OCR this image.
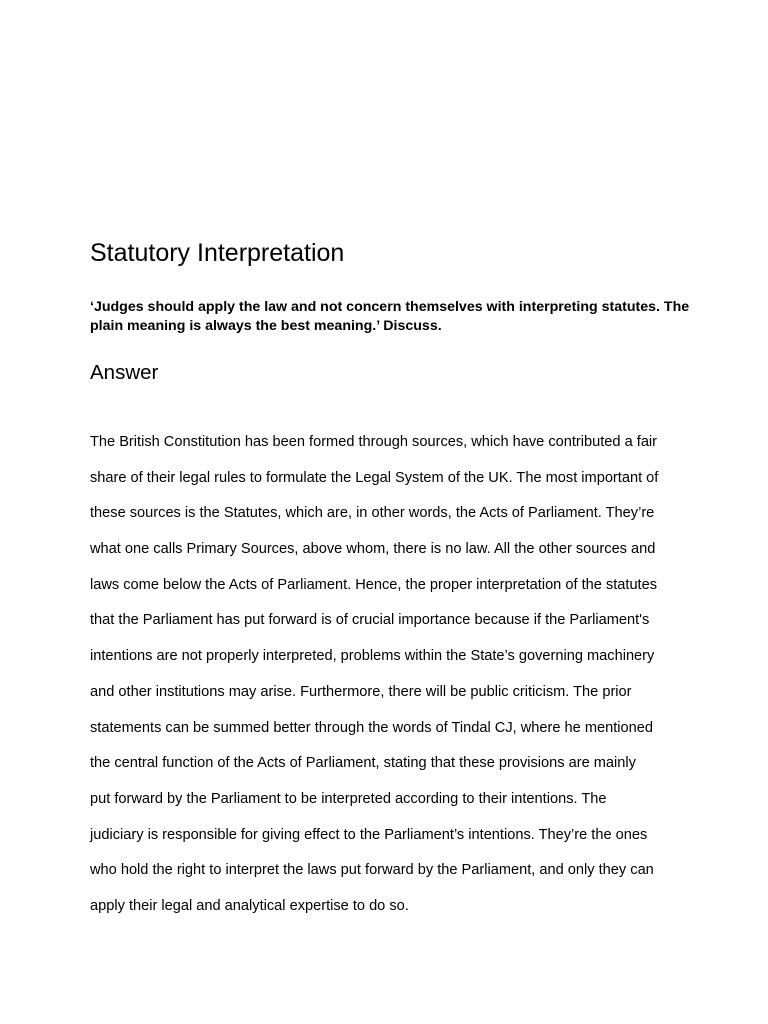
Statutory Interpretation

‘Judges should apply the law and not concern themselves with interpreting statutes. The plain meaning is always the best meaning.’ Discuss.

Answer
The British Constitution has been formed through sources, which have contributed a fair
share of their legal rules to formulate the Legal System of the UK. The most important of
these sources is the Statutes, which are, in other words, the Acts of Parliament. They’re
what one calls Primary Sources, above whom, there is no law. All the other sources and
laws come below the Acts of Parliament. Hence, the proper interpretation of the statutes
that the Parliament has put forward is of crucial importance because if the Parliament's
intentions are not properly interpreted, problems within the State’s governing machinery
and other institutions may arise. Furthermore, there will be public criticism. The prior
statements can be summed better through the words of Tindal CJ, where he mentioned
the central function of the Acts of Parliament, stating that these provisions are mainly
put forward by the Parliament to be interpreted according to their intentions. The
judiciary is responsible for giving effect to the Parliament’s intentions. They’re the ones
who hold the right to interpret the laws put forward by the Parliament, and only they can
apply their legal and analytical expertise to do so.
